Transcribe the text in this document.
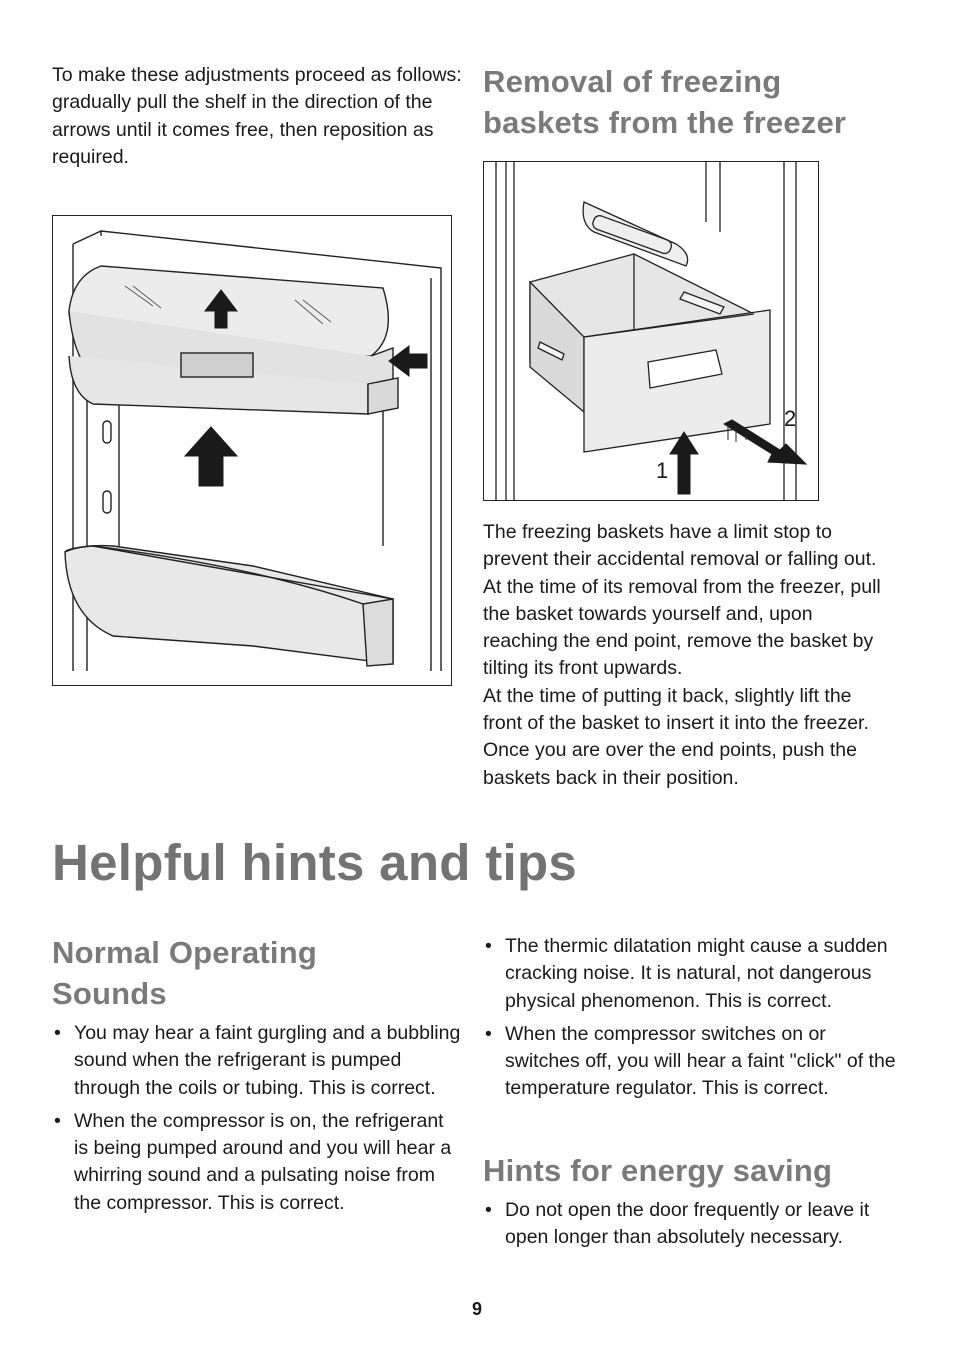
To make these adjustments proceed as follows:

gradually pull the shelf in the direction of the arrows until it comes free, then reposition as required.

Removal of freezing baskets from the freezer
1
2

The freezing baskets have a limit stop to prevent their accidental removal or falling out. At the time of its removal from the freezer, pull the basket towards yourself and, upon reaching the end point, remove the basket by tilting its front upwards.

At the time of putting it back, slightly lift the front of the basket to insert it into the freezer. Once you are over the end points, push the baskets back in their position.

Helpful hints and tips
Normal Operating Sounds
• You may hear a faint gurgling and a bubbling sound when the refrigerant is pumped through the coils or tubing. This is correct.
• When the compressor is on, the refrigerant is being pumped around and you will hear a whirring sound and a pulsating noise from the compressor. This is correct.
• The thermic dilatation might cause a sudden cracking noise. It is natural, not dangerous physical phenomenon. This is correct.
• When the compressor switches on or switches off, you will hear a faint "click" of the temperature regulator. This is correct.
Hints for energy saving
• Do not open the door frequently or leave it open longer than absolutely necessary.
9
